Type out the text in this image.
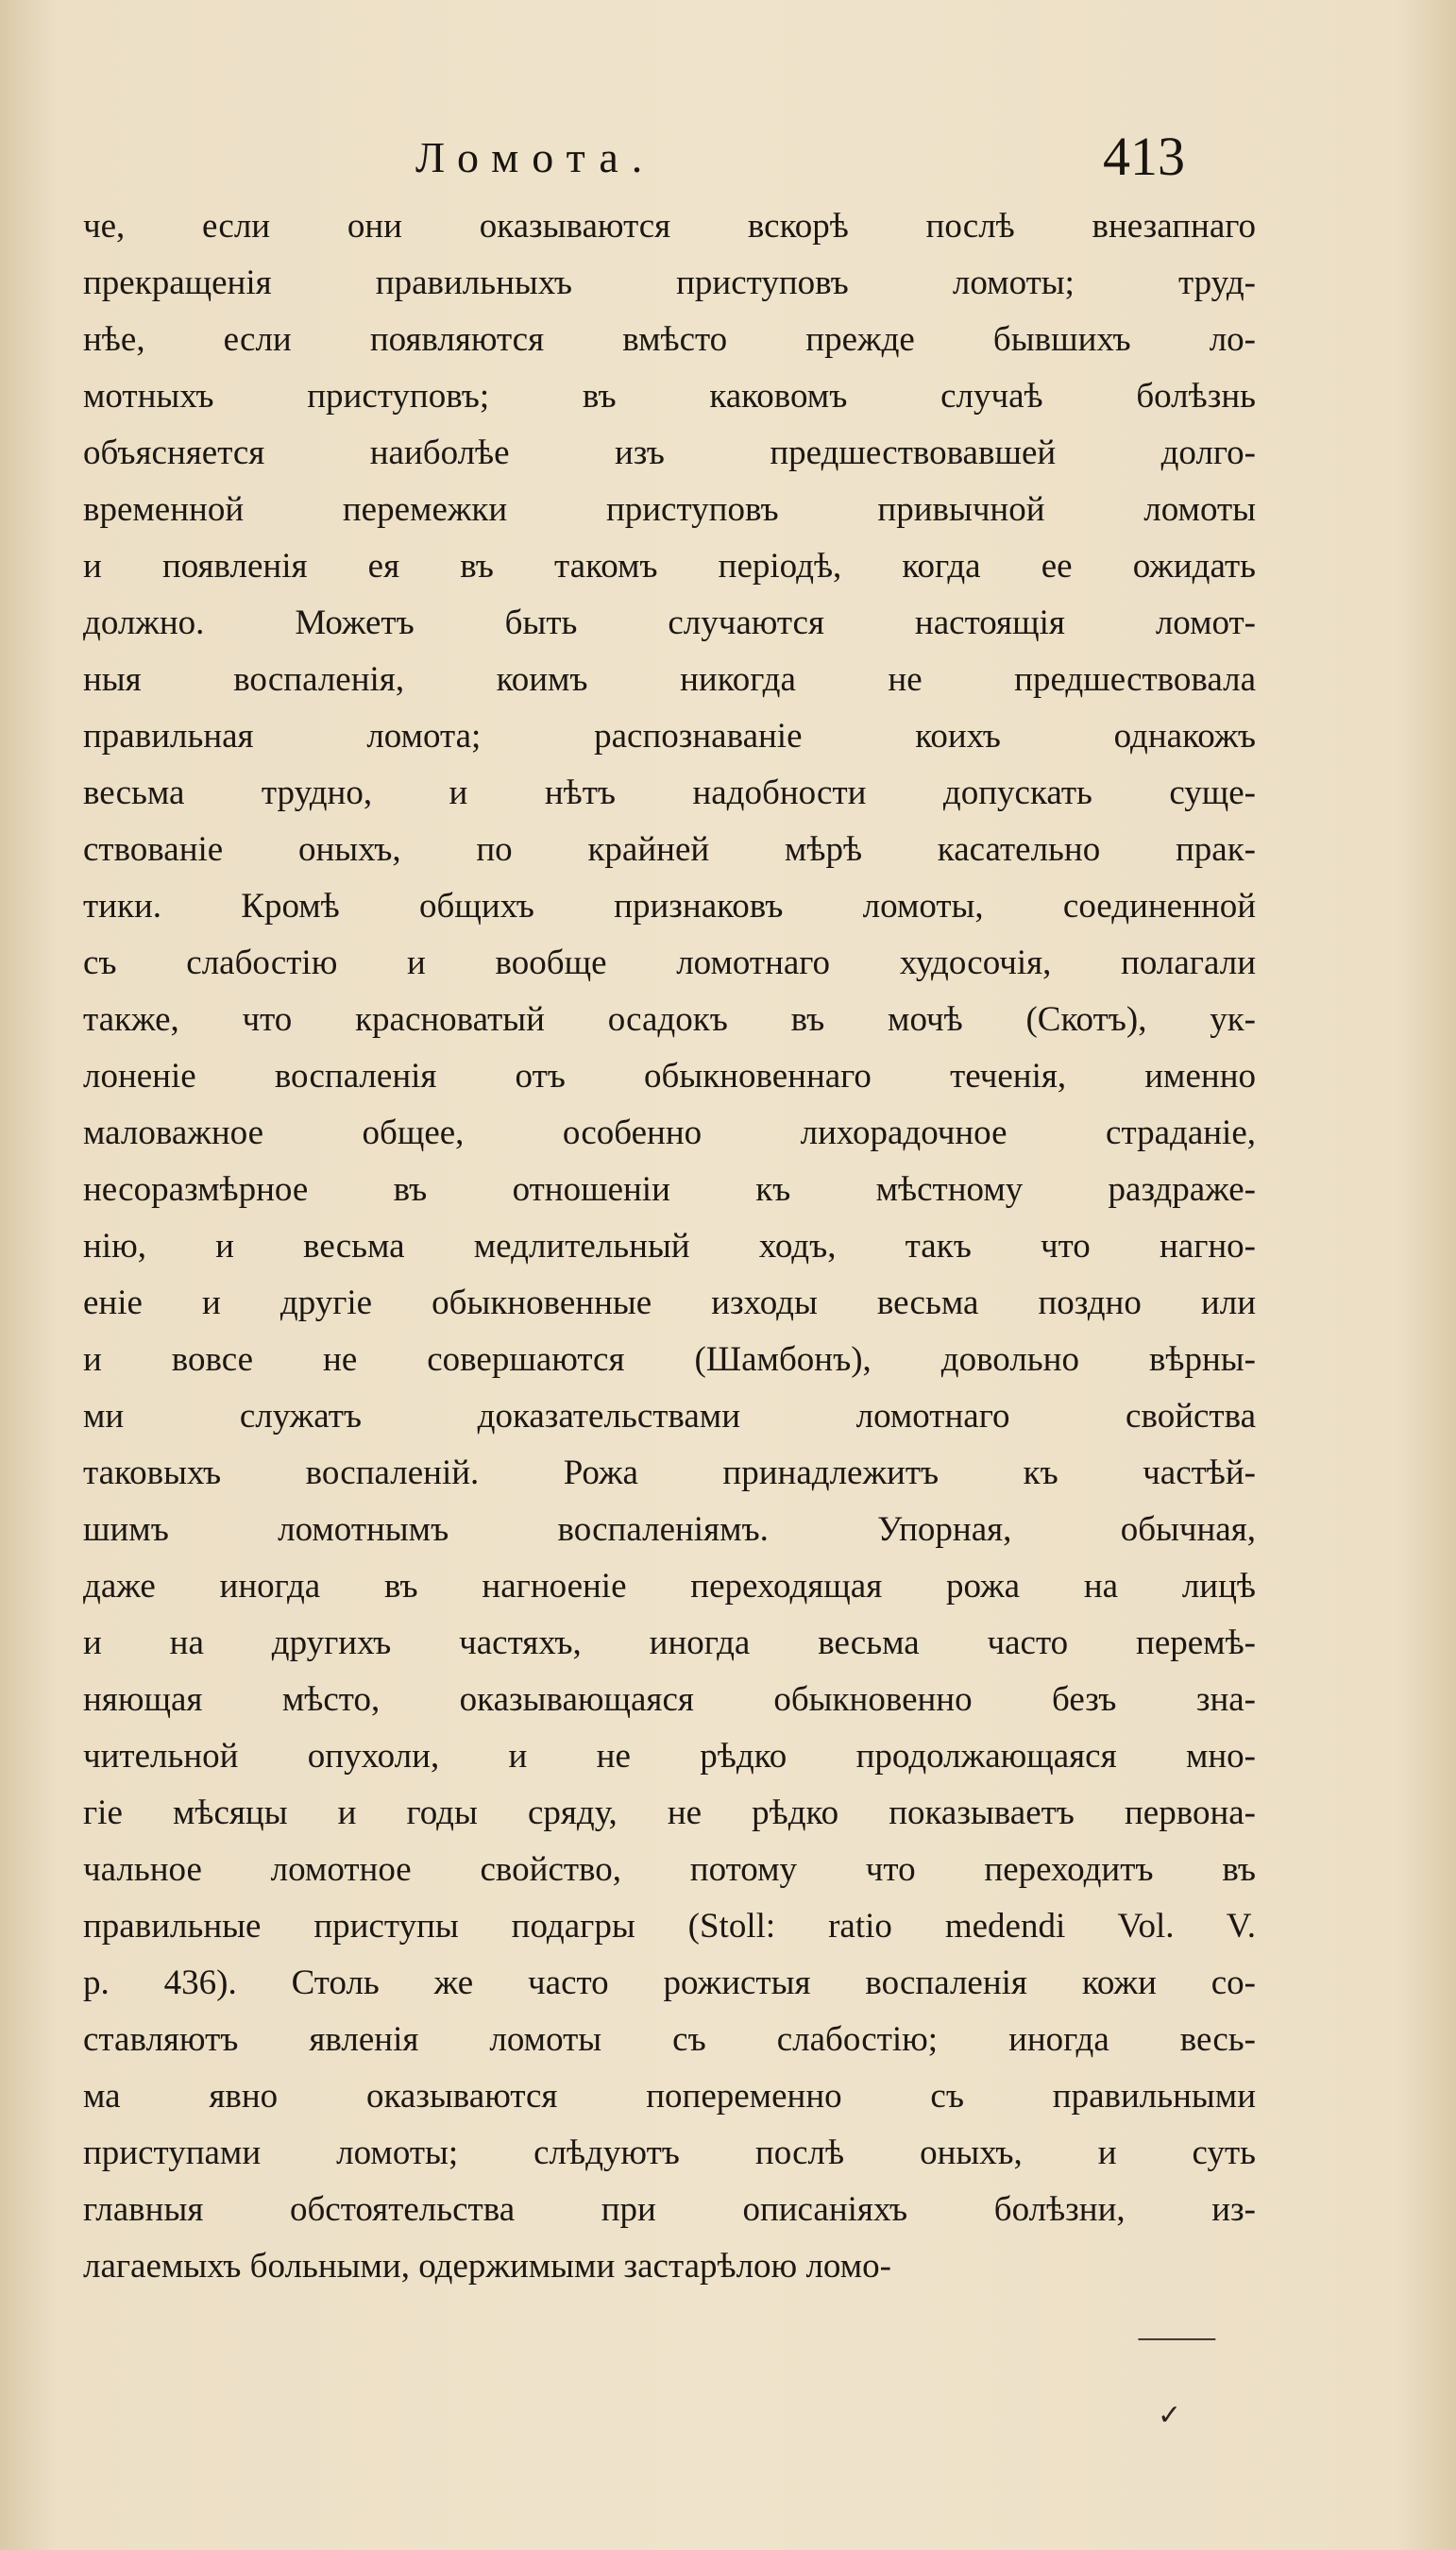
Ломота.	413
че, если они оказываются вскорѣ послѣ внезапнаго
прекращенія правильныхъ приступовъ ломоты; труд-
нѣе, если появляются вмѣсто прежде бывшихъ ло-
мотныхъ приступовъ; въ каковомъ случаѣ болѣзнь
объясняется наиболѣе изъ предшествовавшей долго-
временной перемежки приступовъ привычной ломоты
и появленія ея въ такомъ періодѣ, когда ее ожидать
должно. Можетъ быть случаются настоящія ломот-
ныя воспаленія, коимъ никогда не предшествовала
правильная ломота; распознаваніе коихъ однакожъ
весьма трудно, и нѣтъ надобности допускать суще-
ствованіе оныхъ, по крайней мѣрѣ касательно прак-
тики. Кромѣ общихъ признаковъ ломоты, соединенной
съ слабостію и вообще ломотнаго худосочія, полагали
также, что красноватый осадокъ въ мочѣ (Скотъ), ук-
лоненіе воспаленія отъ обыкновеннаго теченія, именно
маловажное общее, особенно лихорадочное страданіе,
несоразмѣрное въ отношеніи къ мѣстному раздраже-
нію, и весьма медлительный ходъ, такъ что нагно-
еніе и другіе обыкновенные изходы весьма поздно или
и вовсе не совершаются (Шамбонъ), довольно вѣрны-
ми служатъ доказательствами ломотнаго свойства
таковыхъ воспаленій. Рожа принадлежитъ къ частѣй-
шимъ ломотнымъ воспаленіямъ. Упорная, обычная,
даже иногда въ нагноеніе переходящая рожа на лицѣ
и на другихъ частяхъ, иногда весьма часто перемѣ-
няющая мѣсто, оказывающаяся обыкновенно безъ зна-
чительной опухоли, и не рѣдко продолжающаяся мно-
гіе мѣсяцы и годы сряду, не рѣдко показываетъ первона-
чальное ломотное свойство, потому что переходитъ въ
правильные приступы подагры (Stoll: ratio medendi Vol. V.
p. 436). Столь же часто рожистыя воспаленія кожи со-
ставляютъ явленія ломоты съ слабостію; иногда весь-
ма явно оказываются попеременно съ правильными
приступами ломоты; слѣдуютъ послѣ оныхъ, и суть
главныя обстоятельства при описаніяхъ болѣзни, из-
лагаемыхъ больными, одержимыми застарѣлою ломо-
⸻
✓
